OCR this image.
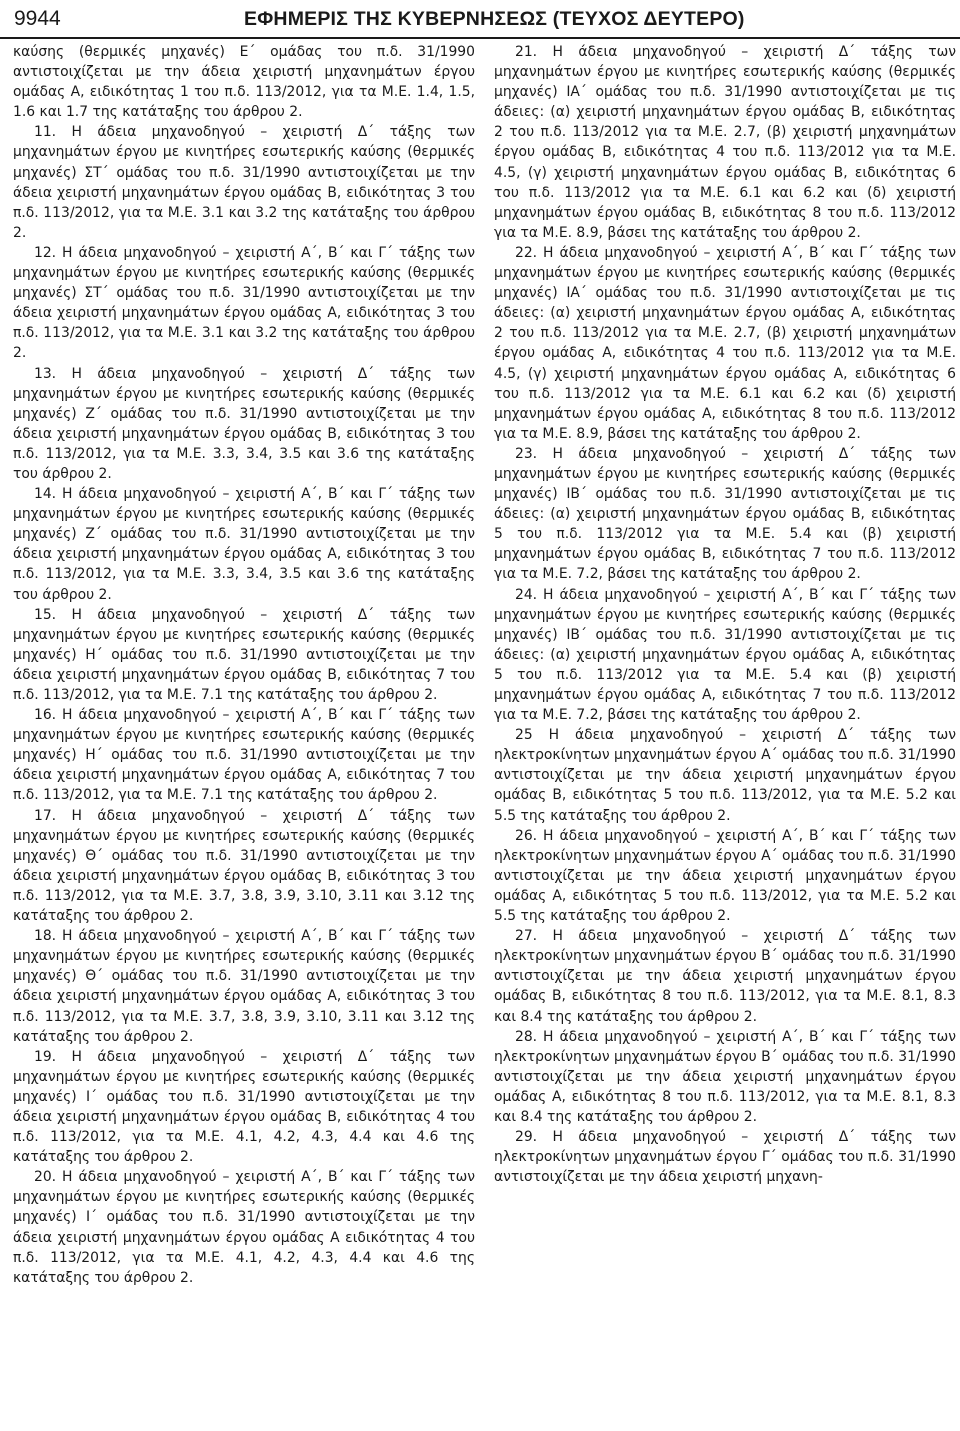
9944	ΕΦΗΜΕΡΙΣ ΤΗΣ ΚΥΒΕΡΝΗΣΕΩΣ (ΤΕΥΧΟΣ ΔΕΥΤΕΡΟ)

καύσης (θερμικές μηχανές) Ε΄ ομάδας του π.δ. 31/1990 αντιστοιχίζεται με την άδεια χειριστή μηχανημάτων έργου ομάδας Α, ειδικότητας 1 του π.δ. 113/2012, για τα Μ.Ε. 1.4, 1.5, 1.6 και 1.7 της κατάταξης του άρθρου 2.

11. Η άδεια μηχανοδηγού – χειριστή Δ΄ τάξης των μηχανημάτων έργου με κινητήρες εσωτερικής καύσης (θερμικές μηχανές) ΣΤ΄ ομάδας του π.δ. 31/1990 αντιστοιχίζεται με την άδεια χειριστή μηχανημάτων έργου ομάδας Β, ειδικότητας 3 του π.δ. 113/2012, για τα Μ.Ε. 3.1 και 3.2 της κατάταξης του άρθρου 2.

12. Η άδεια μηχανοδηγού – χειριστή Α΄, Β΄ και Γ΄ τάξης των μηχανημάτων έργου με κινητήρες εσωτερικής καύσης (θερμικές μηχανές) ΣΤ΄ ομάδας του π.δ. 31/1990 αντιστοιχίζεται με την άδεια χειριστή μηχανημάτων έργου ομάδας Α, ειδικότητας 3 του π.δ. 113/2012, για τα Μ.Ε. 3.1 και 3.2 της κατάταξης του άρθρου 2.

13. Η άδεια μηχανοδηγού – χειριστή Δ΄ τάξης των μηχανημάτων έργου με κινητήρες εσωτερικής καύσης (θερμικές μηχανές) Ζ΄ ομάδας του π.δ. 31/1990 αντιστοιχίζεται με την άδεια χειριστή μηχανημάτων έργου ομάδας Β, ειδικότητας 3 του π.δ. 113/2012, για τα Μ.Ε. 3.3, 3.4, 3.5 και 3.6 της κατάταξης του άρθρου 2.

14. Η άδεια μηχανοδηγού – χειριστή Α΄, Β΄ και Γ΄ τάξης των μηχανημάτων έργου με κινητήρες εσωτερικής καύσης (θερμικές μηχανές) Ζ΄ ομάδας του π.δ. 31/1990 αντιστοιχίζεται με την άδεια χειριστή μηχανημάτων έργου ομάδας Α, ειδικότητας 3 του π.δ. 113/2012, για τα Μ.Ε. 3.3, 3.4, 3.5 και 3.6 της κατάταξης του άρθρου 2.

15. Η άδεια μηχανοδηγού – χειριστή Δ΄ τάξης των μηχανημάτων έργου με κινητήρες εσωτερικής καύσης (θερμικές μηχανές) Η΄ ομάδας του π.δ. 31/1990 αντιστοιχίζεται με την άδεια χειριστή μηχανημάτων έργου ομάδας Β, ειδικότητας 7 του π.δ. 113/2012, για τα Μ.Ε. 7.1 της κατάταξης του άρθρου 2.

16. Η άδεια μηχανοδηγού – χειριστή Α΄, Β΄ και Γ΄ τάξης των μηχανημάτων έργου με κινητήρες εσωτερικής καύσης (θερμικές μηχανές) Η΄ ομάδας του π.δ. 31/1990 αντιστοιχίζεται με την άδεια χειριστή μηχανημάτων έργου ομάδας Α, ειδικότητας 7 του π.δ. 113/2012, για τα Μ.Ε. 7.1 της κατάταξης του άρθρου 2.

17. Η άδεια μηχανοδηγού – χειριστή Δ΄ τάξης των μηχανημάτων έργου με κινητήρες εσωτερικής καύσης (θερμικές μηχανές) Θ΄ ομάδας του π.δ. 31/1990 αντιστοιχίζεται με την άδεια χειριστή μηχανημάτων έργου ομάδας Β, ειδικότητας 3 του π.δ. 113/2012, για τα Μ.Ε. 3.7, 3.8, 3.9, 3.10, 3.11 και 3.12 της κατάταξης του άρθρου 2.

18. Η άδεια μηχανοδηγού – χειριστή Α΄, Β΄ και Γ΄ τάξης των μηχανημάτων έργου με κινητήρες εσωτερικής καύσης (θερμικές μηχανές) Θ΄ ομάδας του π.δ. 31/1990 αντιστοιχίζεται με την άδεια χειριστή μηχανημάτων έργου ομάδας Α, ειδικότητας 3 του π.δ. 113/2012, για τα Μ.Ε. 3.7, 3.8, 3.9, 3.10, 3.11 και 3.12 της κατάταξης του άρθρου 2.

19. Η άδεια μηχανοδηγού – χειριστή Δ΄ τάξης των μηχανημάτων έργου με κινητήρες εσωτερικής καύσης (θερμικές μηχανές) Ι΄ ομάδας του π.δ. 31/1990 αντιστοιχίζεται με την άδεια χειριστή μηχανημάτων έργου ομάδας Β, ειδικότητας 4 του π.δ. 113/2012, για τα Μ.Ε. 4.1, 4.2, 4.3, 4.4 και 4.6 της κατάταξης του άρθρου 2.

20. Η άδεια μηχανοδηγού – χειριστή Α΄, Β΄ και Γ΄ τάξης των μηχανημάτων έργου με κινητήρες εσωτερικής καύσης (θερμικές μηχανές) Ι΄ ομάδας του π.δ. 31/1990 αντιστοιχίζεται με την άδεια χειριστή μηχανημάτων έργου ομάδας Α ειδικότητας 4 του π.δ. 113/2012, για τα Μ.Ε. 4.1, 4.2, 4.3, 4.4 και 4.6 της κατάταξης του άρθρου 2.

21. Η άδεια μηχανοδηγού – χειριστή Δ΄ τάξης των μηχανημάτων έργου με κινητήρες εσωτερικής καύσης (θερμικές μηχανές) ΙΑ΄ ομάδας του π.δ. 31/1990 αντιστοιχίζεται με τις άδειες: (α) χειριστή μηχανημάτων έργου ομάδας Β, ειδικότητας 2 του π.δ. 113/2012 για τα Μ.Ε. 2.7, (β) χειριστή μηχανημάτων έργου ομάδας Β, ειδικότητας 4 του π.δ. 113/2012 για τα Μ.Ε. 4.5, (γ) χειριστή μηχανημάτων έργου ομάδας Β, ειδικότητας 6 του π.δ. 113/2012 για τα Μ.Ε. 6.1 και 6.2 και (δ) χειριστή μηχανημάτων έργου ομάδας Β, ειδικότητας 8 του π.δ. 113/2012 για τα Μ.Ε. 8.9, βάσει της κατάταξης του άρθρου 2.

22. Η άδεια μηχανοδηγού – χειριστή Α΄, Β΄ και Γ΄ τάξης των μηχανημάτων έργου με κινητήρες εσωτερικής καύσης (θερμικές μηχανές) ΙΑ΄ ομάδας του π.δ. 31/1990 αντιστοιχίζεται με τις άδειες: (α) χειριστή μηχανημάτων έργου ομάδας Α, ειδικότητας 2 του π.δ. 113/2012 για τα Μ.Ε. 2.7, (β) χειριστή μηχανημάτων έργου ομάδας Α, ειδικότητας 4 του π.δ. 113/2012 για τα Μ.Ε. 4.5, (γ) χειριστή μηχανημάτων έργου ομάδας Α, ειδικότητας 6 του π.δ. 113/2012 για τα Μ.Ε. 6.1 και 6.2 και (δ) χειριστή μηχανημάτων έργου ομάδας Α, ειδικότητας 8 του π.δ. 113/2012 για τα Μ.Ε. 8.9, βάσει της κατάταξης του άρθρου 2.

23. Η άδεια μηχανοδηγού – χειριστή Δ΄ τάξης των μηχανημάτων έργου με κινητήρες εσωτερικής καύσης (θερμικές μηχανές) ΙΒ΄ ομάδας του π.δ. 31/1990 αντιστοιχίζεται με τις άδειες: (α) χειριστή μηχανημάτων έργου ομάδας Β, ειδικότητας 5 του π.δ. 113/2012 για τα Μ.Ε. 5.4 και (β) χειριστή μηχανημάτων έργου ομάδας Β, ειδικότητας 7 του π.δ. 113/2012 για τα Μ.Ε. 7.2, βάσει της κατάταξης του άρθρου 2.

24. Η άδεια μηχανοδηγού – χειριστή Α΄, Β΄ και Γ΄ τάξης των μηχανημάτων έργου με κινητήρες εσωτερικής καύσης (θερμικές μηχανές) ΙΒ΄ ομάδας του π.δ. 31/1990 αντιστοιχίζεται με τις άδειες: (α) χειριστή μηχανημάτων έργου ομάδας Α, ειδικότητας 5 του π.δ. 113/2012 για τα Μ.Ε. 5.4 και (β) χειριστή μηχανημάτων έργου ομάδας Α, ειδικότητας 7 του π.δ. 113/2012 για τα Μ.Ε. 7.2, βάσει της κατάταξης του άρθρου 2.

25 Η άδεια μηχανοδηγού – χειριστή Δ΄ τάξης των ηλεκτροκίνητων μηχανημάτων έργου Α΄ ομάδας του π.δ. 31/1990 αντιστοιχίζεται με την άδεια χειριστή μηχανημάτων έργου ομάδας Β, ειδικότητας 5 του π.δ. 113/2012, για τα Μ.Ε. 5.2 και 5.5 της κατάταξης του άρθρου 2.

26. Η άδεια μηχανοδηγού – χειριστή Α΄, Β΄ και Γ΄ τάξης των ηλεκτροκίνητων μηχανημάτων έργου Α΄ ομάδας του π.δ. 31/1990 αντιστοιχίζεται με την άδεια χειριστή μηχανημάτων έργου ομάδας Α, ειδικότητας 5 του π.δ. 113/2012, για τα Μ.Ε. 5.2 και 5.5 της κατάταξης του άρθρου 2.

27. Η άδεια μηχανοδηγού – χειριστή Δ΄ τάξης των ηλεκτροκίνητων μηχανημάτων έργου Β΄ ομάδας του π.δ. 31/1990 αντιστοιχίζεται με την άδεια χειριστή μηχανημάτων έργου ομάδας Β, ειδικότητας 8 του π.δ. 113/2012, για τα Μ.Ε. 8.1, 8.3 και 8.4 της κατάταξης του άρθρου 2.

28. Η άδεια μηχανοδηγού – χειριστή Α΄, Β΄ και Γ΄ τάξης των ηλεκτροκίνητων μηχανημάτων έργου Β΄ ομάδας του π.δ. 31/1990 αντιστοιχίζεται με την άδεια χειριστή μηχανημάτων έργου ομάδας Α, ειδικότητας 8 του π.δ. 113/2012, για τα Μ.Ε. 8.1, 8.3 και 8.4 της κατάταξης του άρθρου 2.

29. Η άδεια μηχανοδηγού – χειριστή Δ΄ τάξης των ηλεκτροκίνητων μηχανημάτων έργου Γ΄ ομάδας του π.δ. 31/1990 αντιστοιχίζεται με την άδεια χειριστή μηχανη-
